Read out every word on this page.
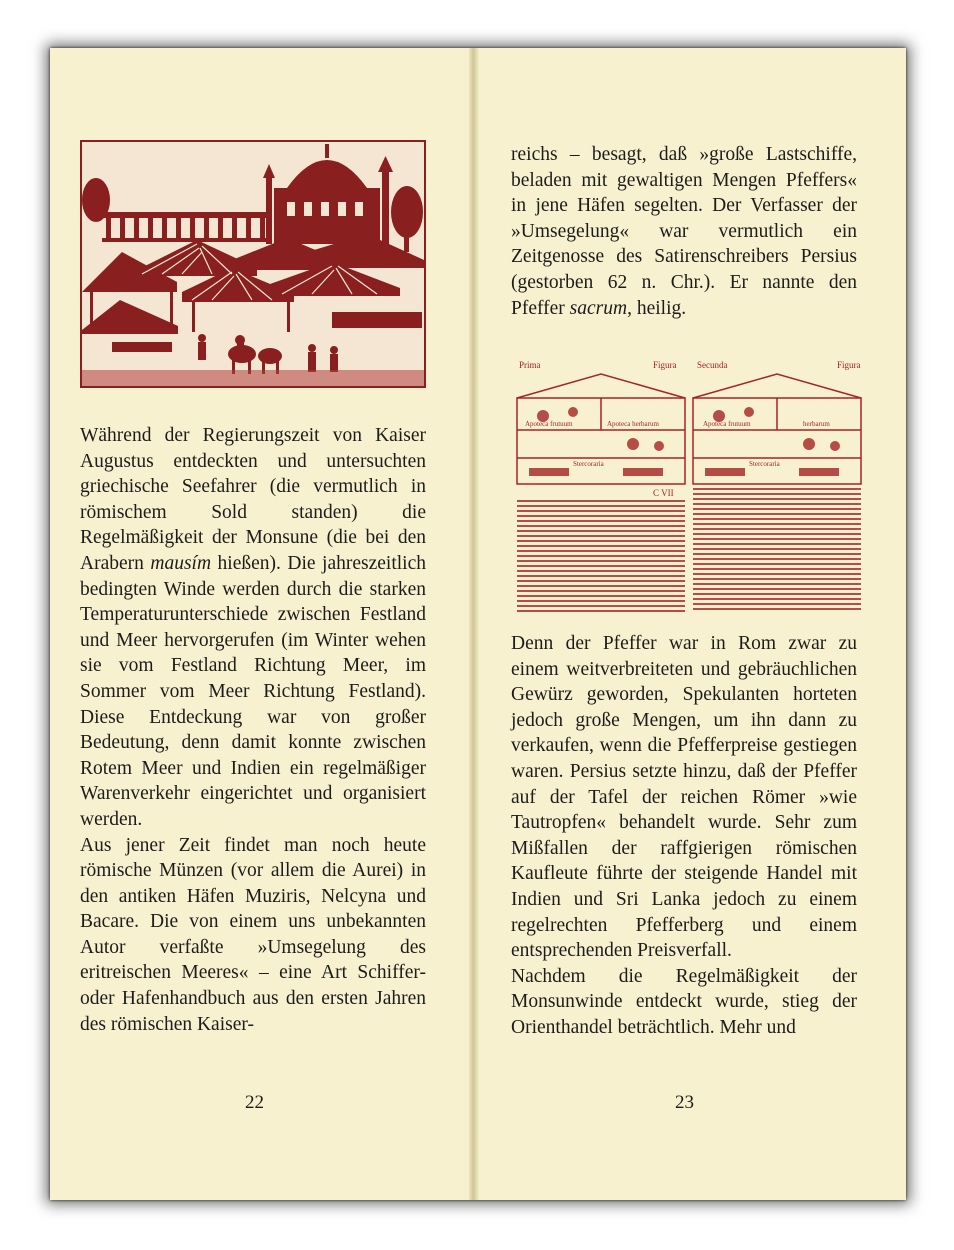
Während der Regierungszeit von Kaiser Augustus entdeckten und untersuchten griechische Seefahrer (die vermutlich in römischem Sold standen) die Regelmäßigkeit der Monsune (die bei den Arabern mausím hießen). Die jahreszeitlich bedingten Winde werden durch die starken Temperaturunterschiede zwischen Festland und Meer hervorgerufen (im Winter wehen sie vom Festland Richtung Meer, im Sommer vom Meer Richtung Festland). Diese Entdeckung war von großer Bedeutung, denn damit konnte zwischen Rotem Meer und Indien ein regelmäßiger Warenverkehr eingerichtet und organisiert werden.

Aus jener Zeit findet man noch heute römische Münzen (vor allem die Aurei) in den antiken Häfen Muziris, Nelcyna und Bacare. Die von einem uns unbekannten Autor verfaßte »Umsegelung des eritreischen Meeres« – eine Art Schiffer- oder Hafenhandbuch aus den ersten Jahren des römischen Kaiser-

22

reichs – besagt, daß »große Lastschiffe, beladen mit gewaltigen Mengen Pfeffers« in jene Häfen segelten. Der Verfasser der »Umsegelung« war vermutlich ein Zeitgenosse des Satirenschreibers Persius (gestorben 62 n. Chr.). Er nannte den Pfeffer sacrum, heilig.

Prima	Figura Secunda	Figura
Apoteca frutuum	Apoteca herbarum
Stercoraria
Apoteca frutuum	herbarum
Stercoraria
C VII

Denn der Pfeffer war in Rom zwar zu einem weitverbreiteten und gebräuchlichen Gewürz geworden, Spekulanten horteten jedoch große Mengen, um ihn dann zu verkaufen, wenn die Pfefferpreise gestiegen waren. Persius setzte hinzu, daß der Pfeffer auf der Tafel der reichen Römer »wie Tautropfen« behandelt wurde. Sehr zum Mißfallen der raffgierigen römischen Kaufleute führte der steigende Handel mit Indien und Sri Lanka jedoch zu einem regelrechten Pfefferberg und einem entsprechenden Preisverfall.

Nachdem die Regelmäßigkeit der Monsunwinde entdeckt wurde, stieg der Orienthandel beträchtlich. Mehr und

23
